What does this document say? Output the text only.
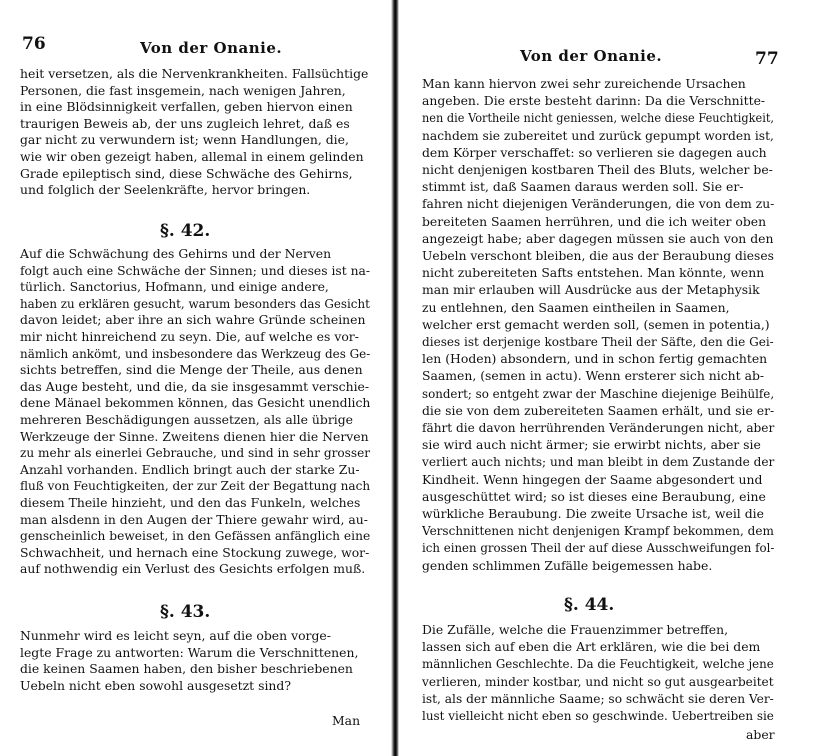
76	Von der Onanie.
§. 42.
§. 43.
Man
heit versetzen, als die Nervenkrankheiten. Fallsüchtige
Personen, die fast insgemein, nach wenigen Jahren,
in eine Blödsinnigkeit verfallen, geben hiervon einen
traurigen Beweis ab, der uns zugleich lehret, daß es
gar nicht zu verwundern ist; wenn Handlungen, die,
wie wir oben gezeigt haben, allemal in einem gelinden
Grade epileptisch sind, diese Schwäche des Gehirns,
und folglich der Seelenkräfte, hervor bringen.
Auf die Schwächung des Gehirns und der Nerven
folgt auch eine Schwäche der Sinnen; und dieses ist na-
türlich. Sanctorius, Hofmann, und einige andere,
haben zu erklären gesucht, warum besonders das Gesicht
davon leidet; aber ihre an sich wahre Gründe scheinen
mir nicht hinreichend zu seyn. Die, auf welche es vor-
nämlich ankömt, und insbesondere das Werkzeug des Ge-
sichts betreffen, sind die Menge der Theile, aus denen
das Auge besteht, und die, da sie insgesammt verschie-
dene Mänael bekommen können, das Gesicht unendlich
mehreren Beschädigungen aussetzen, als alle übrige
Werkzeuge der Sinne. Zweitens dienen hier die Nerven
zu mehr als einerlei Gebrauche, und sind in sehr grosser
Anzahl vorhanden. Endlich bringt auch der starke Zu-
fluß von Feuchtigkeiten, der zur Zeit der Begattung nach
diesem Theile hinzieht, und den das Funkeln, welches
man alsdenn in den Augen der Thiere gewahr wird, au-
genscheinlich beweiset, in den Gefässen anfänglich eine
Schwachheit, und hernach eine Stockung zuwege, wor-
auf nothwendig ein Verlust des Gesichts erfolgen muß.
Nunmehr wird es leicht seyn, auf die oben vorge-
legte Frage zu antworten: Warum die Verschnittenen,
die keinen Saamen haben, den bisher beschriebenen
Uebeln nicht eben sowohl ausgesetzt sind?
Von der Onanie.	77
§. 44.
aber
Man kann hiervon zwei sehr zureichende Ursachen
angeben. Die erste besteht darinn: Da die Verschnitte-
nen die Vortheile nicht geniessen, welche diese Feuchtigkeit,
nachdem sie zubereitet und zurück gepumpt worden ist,
dem Körper verschaffet: so verlieren sie dagegen auch
nicht denjenigen kostbaren Theil des Bluts, welcher be-
stimmt ist, daß Saamen daraus werden soll. Sie er-
fahren nicht diejenigen Veränderungen, die von dem zu-
bereiteten Saamen herrühren, und die ich weiter oben
angezeigt habe; aber dagegen müssen sie auch von den
Uebeln verschont bleiben, die aus der Beraubung dieses
nicht zubereiteten Safts entstehen. Man könnte, wenn
man mir erlauben will Ausdrücke aus der Metaphysik
zu entlehnen, den Saamen eintheilen in Saamen,
welcher erst gemacht werden soll, (semen in potentia,)
dieses ist derjenige kostbare Theil der Säfte, den die Gei-
len (Hoden) absondern, und in schon fertig gemachten
Saamen, (semen in actu). Wenn ersterer sich nicht ab-
sondert; so entgeht zwar der Maschine diejenige Beihülfe,
die sie von dem zubereiteten Saamen erhält, und sie er-
fährt die davon herrührenden Veränderungen nicht, aber
sie wird auch nicht ärmer; sie erwirbt nichts, aber sie
verliert auch nichts; und man bleibt in dem Zustande der
Kindheit. Wenn hingegen der Saame abgesondert und
ausgeschüttet wird; so ist dieses eine Beraubung, eine
würkliche Beraubung. Die zweite Ursache ist, weil die
Verschnittenen nicht denjenigen Krampf bekommen, dem
ich einen grossen Theil der auf diese Ausschweifungen fol-
genden schlimmen Zufälle beigemessen habe.
Die Zufälle, welche die Frauenzimmer betreffen,
lassen sich auf eben die Art erklären, wie die bei dem
männlichen Geschlechte. Da die Feuchtigkeit, welche jene
verlieren, minder kostbar, und nicht so gut ausgearbeitet
ist, als der männliche Saame; so schwächt sie deren Ver-
lust vielleicht nicht eben so geschwinde. Uebertreiben sie
